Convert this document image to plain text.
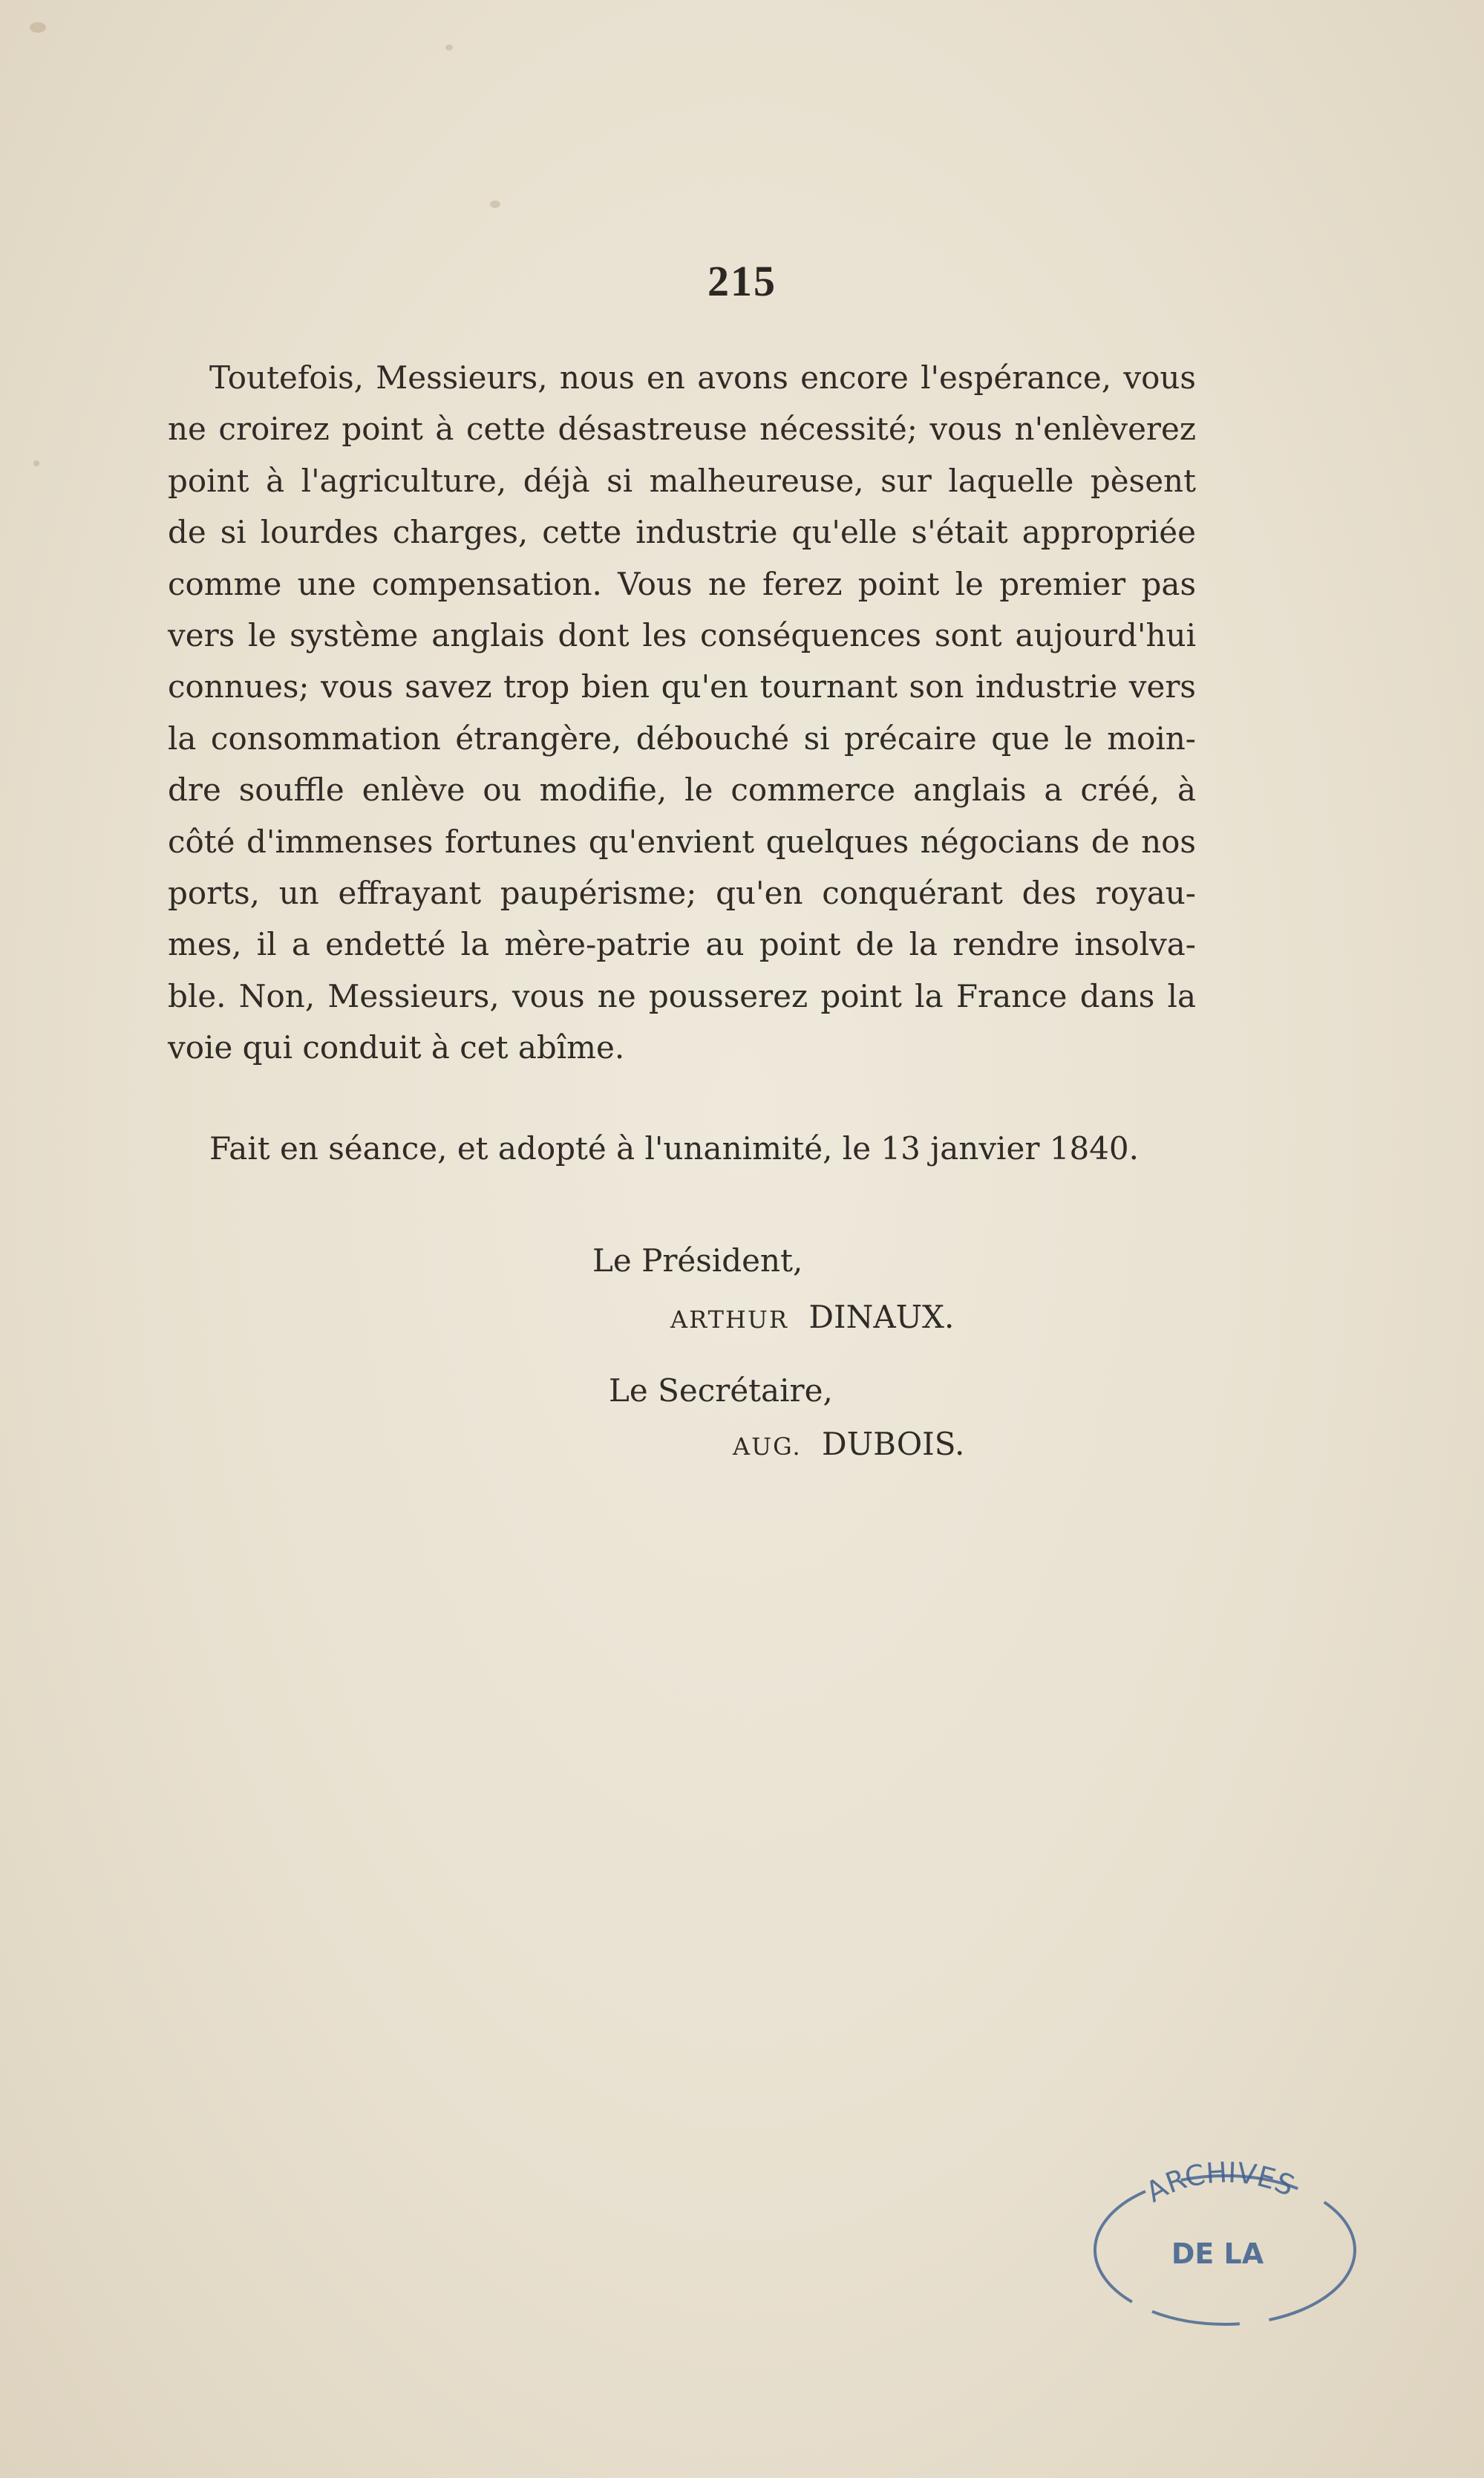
215
Toutefois, Messieurs, nous en avons encore l'espérance, vous
ne croirez point à cette désastreuse nécessité; vous n'enlèverez
point à l'agriculture, déjà si malheureuse, sur laquelle pèsent
de si lourdes charges, cette industrie qu'elle s'était appropriée
comme une compensation. Vous ne ferez point le premier pas
vers le système anglais dont les conséquences sont aujourd'hui
connues; vous savez trop bien qu'en tournant son industrie vers
la consommation étrangère, débouché si précaire que le moin-
dre souffle enlève ou modifie, le commerce anglais a créé, à
côté d'immenses fortunes qu'envient quelques négocians de nos
ports, un effrayant paupérisme; qu'en conquérant des royau-
mes, il a endetté la mère-patrie au point de la rendre insolva-
ble. Non, Messieurs, vous ne pousserez point la France dans la
voie qui conduit à cet abîme.
Fait en séance, et adopté à l'unanimité, le 13 janvier 1840.
Le Président,
ARTHUR DINAUX.
Le Secrétaire,
AUG. DUBOIS.
ARCHIVES
DE LA
